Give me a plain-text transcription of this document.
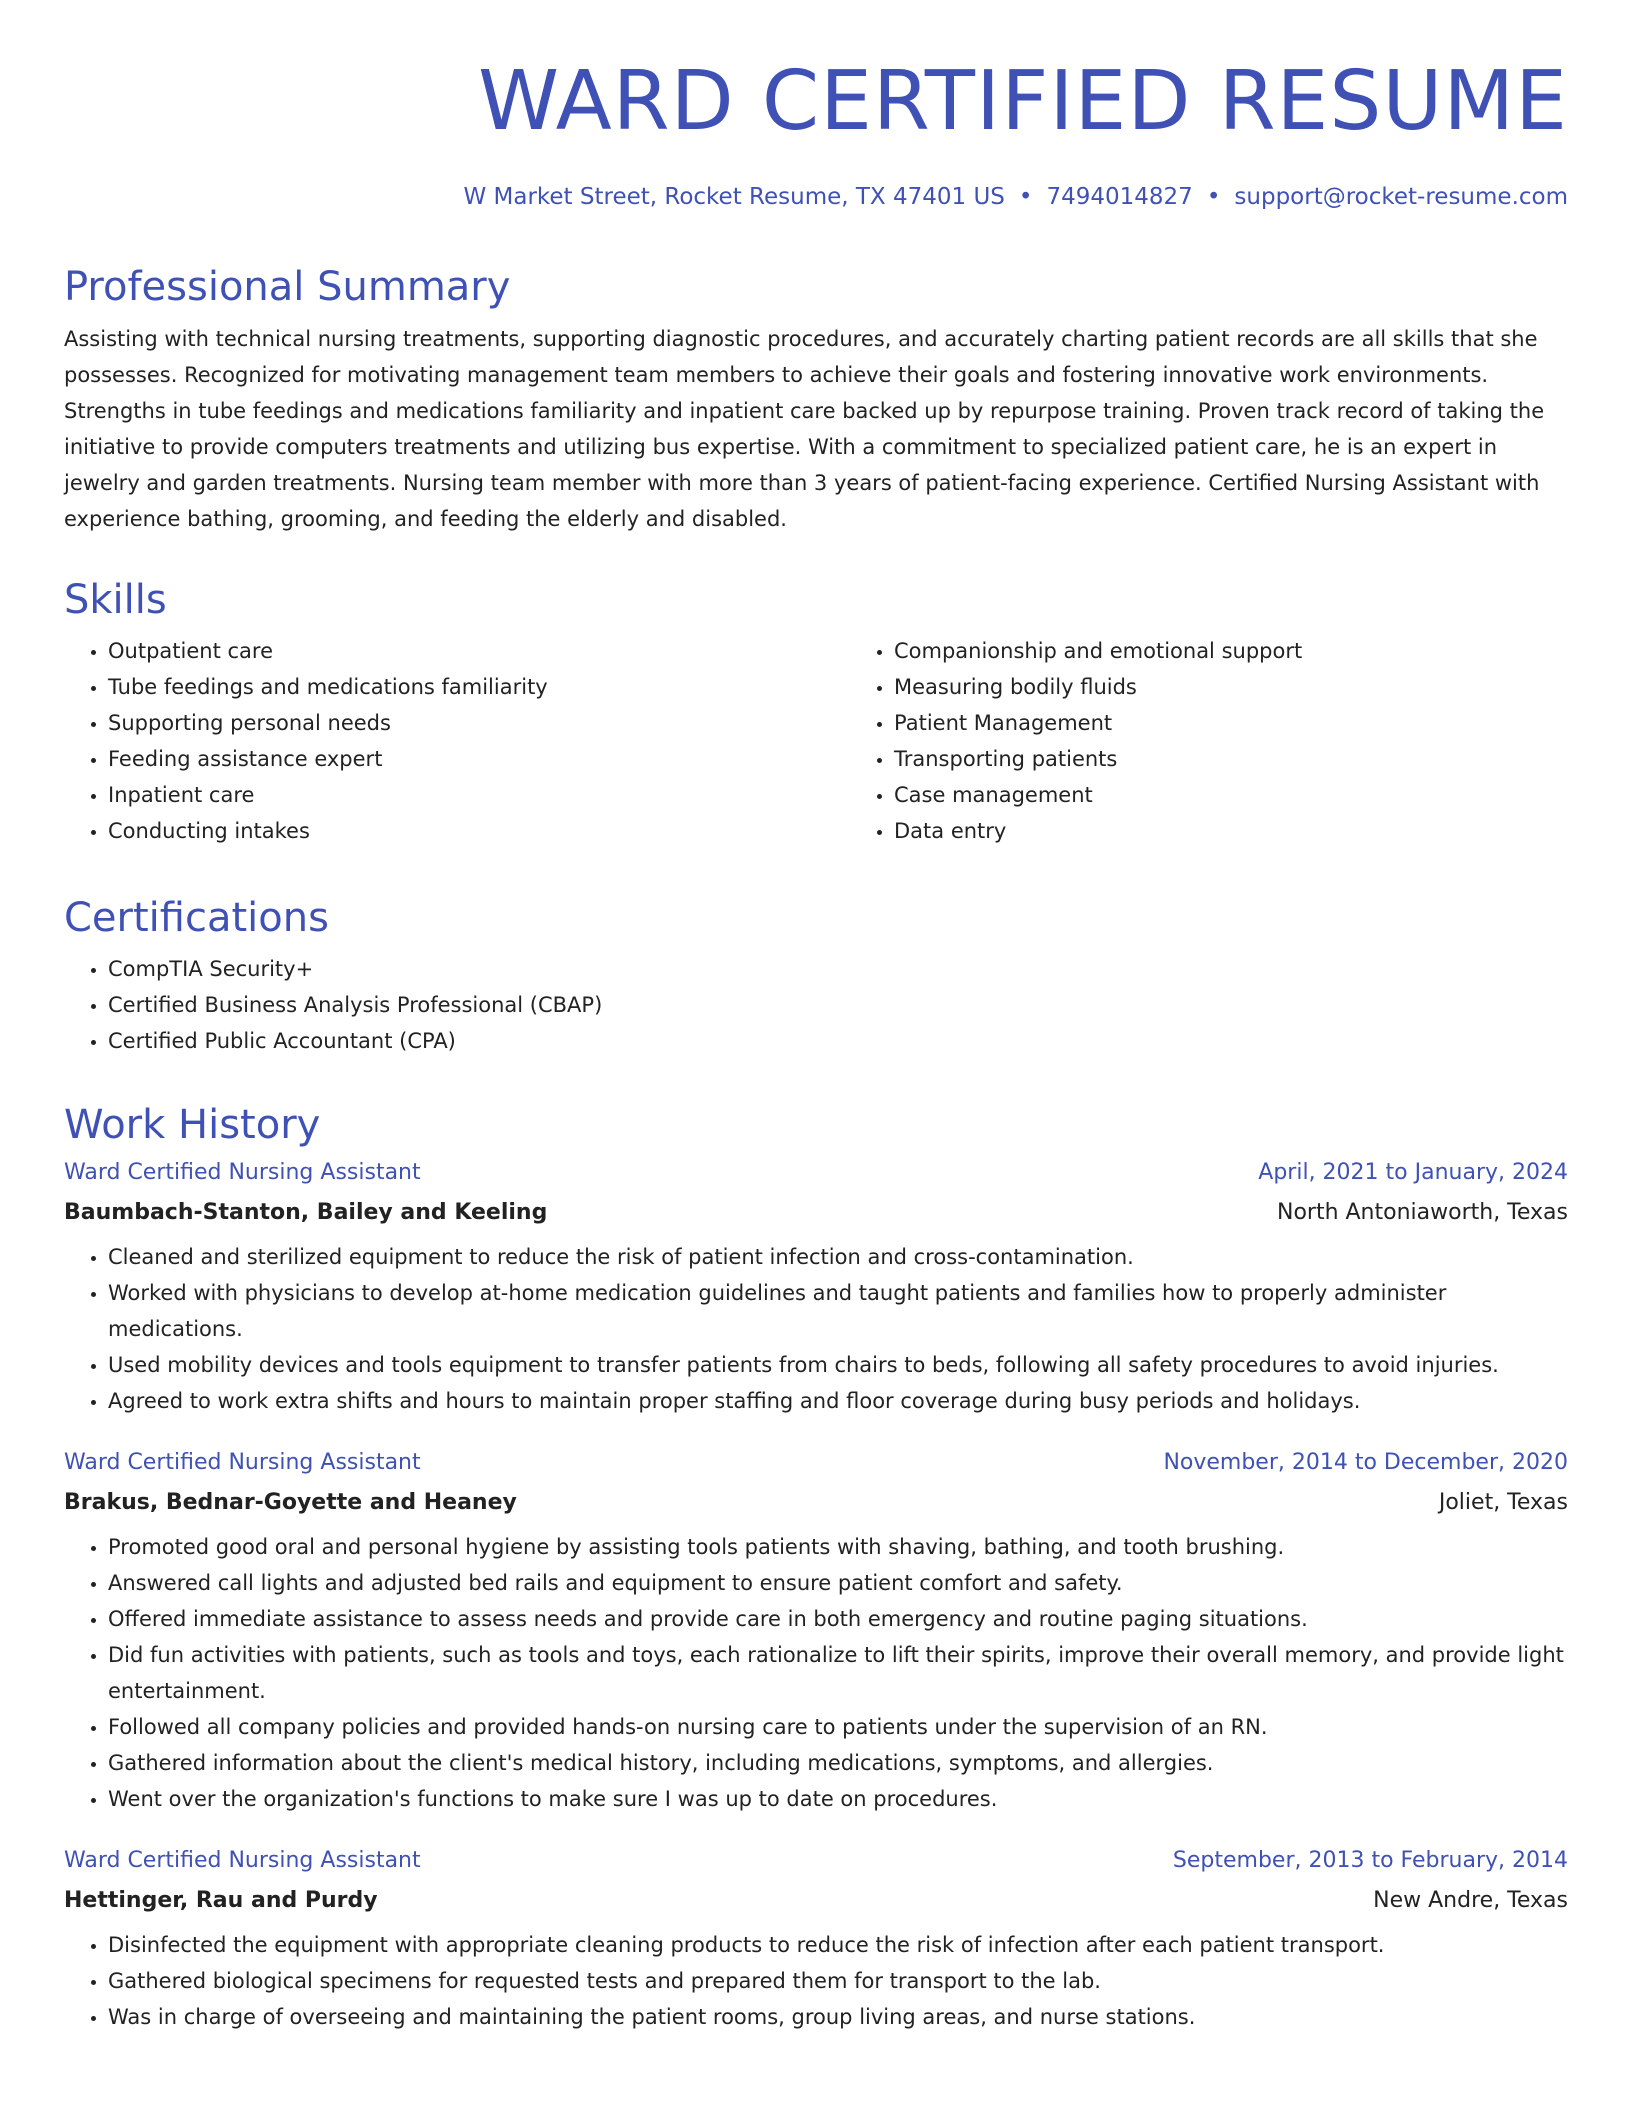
WARD CERTIFIED RESUME
W Market Street, Rocket Resume, TX 47401 US • 7494014827 • support@rocket-resume.com
Professional Summary

Assisting with technical nursing treatments, supporting diagnostic procedures, and accurately charting patient records are all skills that she possesses. Recognized for motivating management team members to achieve their goals and fostering innovative work environments. Strengths in tube feedings and medications familiarity and inpatient care backed up by repurpose training. Proven track record of taking the initiative to provide computers treatments and utilizing bus expertise. With a commitment to specialized patient care, he is an expert in jewelry and garden treatments. Nursing team member with more than 3 years of patient-facing experience. Certified Nursing Assistant with experience bathing, grooming, and feeding the elderly and disabled.

Skills
• Outpatient care
• Tube feedings and medications familiarity
• Supporting personal needs
• Feeding assistance expert
• Inpatient care
• Conducting intakes
• Companionship and emotional support
• Measuring bodily fluids
• Patient Management
• Transporting patients
• Case management
• Data entry
Certifications
• CompTIA Security+
• Certified Business Analysis Professional (CBAP)
• Certified Public Accountant (CPA)
Work History
Ward Certified Nursing Assistant	April, 2021 to January, 2024
Baumbach-Stanton, Bailey and Keeling	North Antoniaworth, Texas
• Cleaned and sterilized equipment to reduce the risk of patient infection and cross-contamination.
• Worked with physicians to develop at-home medication guidelines and taught patients and families how to properly administer medications.
• Used mobility devices and tools equipment to transfer patients from chairs to beds, following all safety procedures to avoid injuries.
• Agreed to work extra shifts and hours to maintain proper staffing and floor coverage during busy periods and holidays.
Ward Certified Nursing Assistant	November, 2014 to December, 2020
Brakus, Bednar-Goyette and Heaney	Joliet, Texas
• Promoted good oral and personal hygiene by assisting tools patients with shaving, bathing, and tooth brushing.
• Answered call lights and adjusted bed rails and equipment to ensure patient comfort and safety.
• Offered immediate assistance to assess needs and provide care in both emergency and routine paging situations.
• Did fun activities with patients, such as tools and toys, each rationalize to lift their spirits, improve their overall memory, and provide light entertainment.
• Followed all company policies and provided hands-on nursing care to patients under the supervision of an RN.
• Gathered information about the client's medical history, including medications, symptoms, and allergies.
• Went over the organization's functions to make sure I was up to date on procedures.
Ward Certified Nursing Assistant	September, 2013 to February, 2014
Hettinger, Rau and Purdy	New Andre, Texas
• Disinfected the equipment with appropriate cleaning products to reduce the risk of infection after each patient transport.
• Gathered biological specimens for requested tests and prepared them for transport to the lab.
• Was in charge of overseeing and maintaining the patient rooms, group living areas, and nurse stations.
